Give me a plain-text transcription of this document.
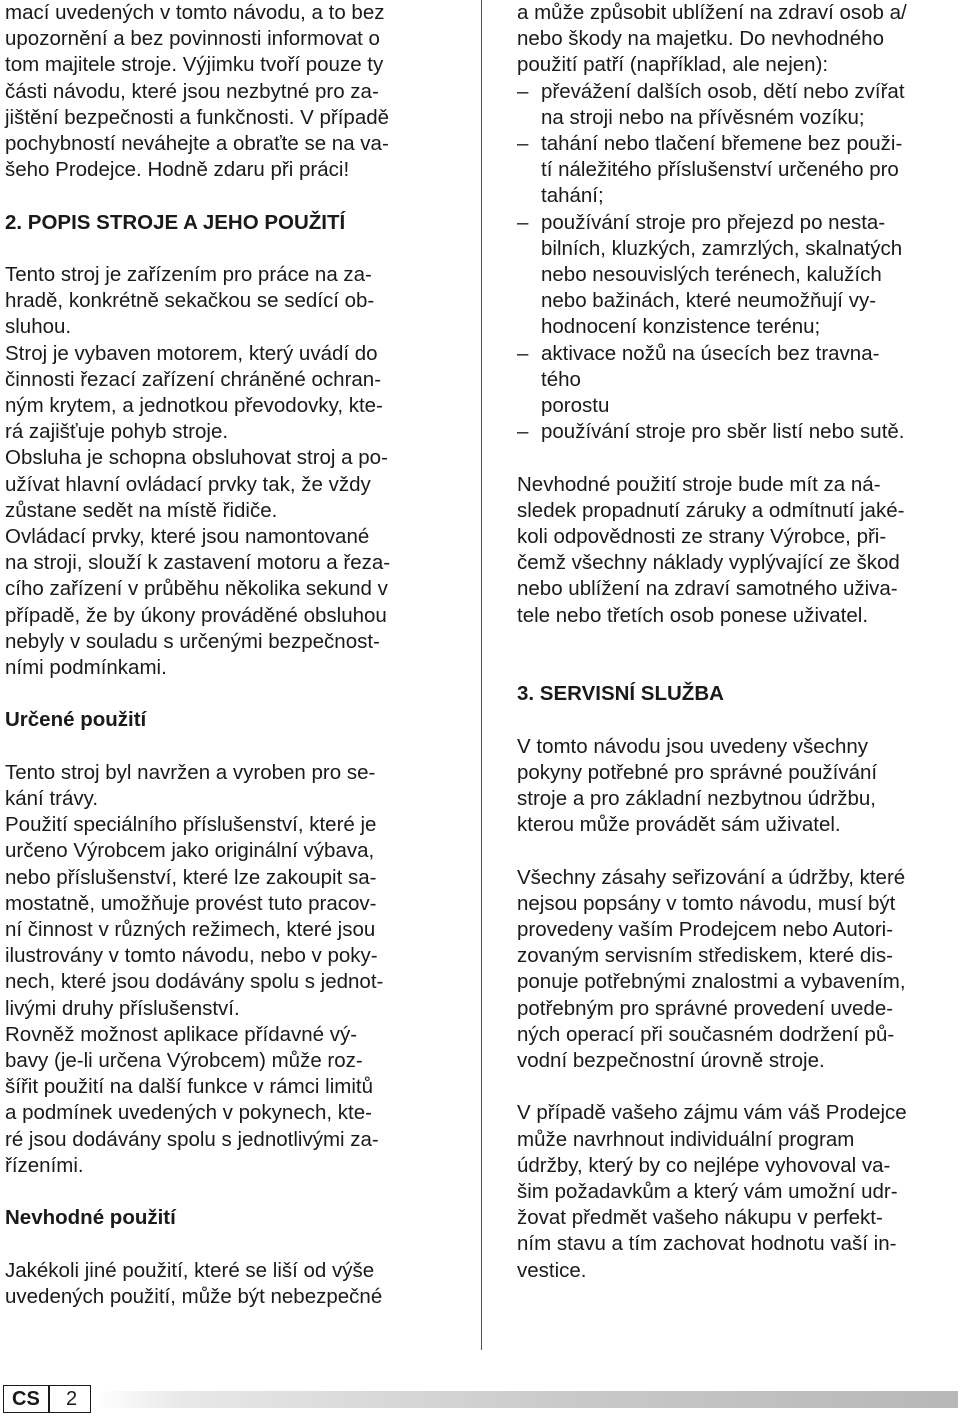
mací uvedených v tomto návodu, a to bez
upozornění a bez povinnosti informovat o
tom majitele stroje. Výjimku tvoří pouze ty
části návodu, které jsou nezbytné pro za-
jištění bezpečnosti a funkčnosti. V případě
pochybností neváhejte a obraťte se na va-
šeho Prodejce. Hodně zdaru při práci!
2. POPIS STROJE A JEHO POUŽITÍ
Tento stroj je zařízením pro práce na za-
hradě, konkrétně sekačkou se sedící ob-
sluhou.
Stroj je vybaven motorem, který uvádí do
činnosti řezací zařízení chráněné ochran-
ným krytem, a jednotkou převodovky, kte-
rá zajišťuje pohyb stroje.
Obsluha je schopna obsluhovat stroj a po-
užívat hlavní ovládací prvky tak, že vždy
zůstane sedět na místě řidiče.
Ovládací prvky, které jsou namontované
na stroji, slouží k zastavení motoru a řeza-
cího zařízení v průběhu několika sekund v
případě, že by úkony prováděné obsluhou
nebyly v souladu s určenými bezpečnost-
ními podmínkami.
Určené použití
Tento stroj byl navržen a vyroben pro se-
kání trávy.
Použití speciálního příslušenství, které je
určeno Výrobcem jako originální výbava,
nebo příslušenství, které lze zakoupit sa-
mostatně, umožňuje provést tuto pracov-
ní činnost v různých režimech, které jsou
ilustrovány v tomto návodu, nebo v poky-
nech, které jsou dodávány spolu s jednot-
livými druhy příslušenství.
Rovněž možnost aplikace přídavné vý-
bavy (je-li určena Výrobcem) může roz-
šířit použití na další funkce v rámci limitů
a podmínek uvedených v pokynech, kte-
ré jsou dodávány spolu s jednotlivými za-
řízeními.
Nevhodné použití
Jakékoli jiné použití, které se liší od výše
uvedených použití, může být nebezpečné
a může způsobit ublížení na zdraví osob a/
nebo škody na majetku. Do nevhodného
použití patří (například, ale nejen):
– převážení dalších osob, dětí nebo zvířat
na stroji nebo na přívěsném vozíku;
– tahání nebo tlačení břemene bez použi-
tí náležitého příslušenství určeného pro
tahání;
– používání stroje pro přejezd po nesta-
bilních, kluzkých, zamrzlých, skalnatých
nebo nesouvislých terénech, kalužích
nebo bažinách, které neumožňují vy-
hodnocení konzistence terénu;
– aktivace nožů na úsecích bez travna-
tého
porostu
– používání stroje pro sběr listí nebo sutě.
Nevhodné použití stroje bude mít za ná-
sledek propadnutí záruky a odmítnutí jaké-
koli odpovědnosti ze strany Výrobce, při-
čemž všechny náklady vyplývající ze škod
nebo ublížení na zdraví samotného uživa-
tele nebo třetích osob ponese uživatel.
3. SERVISNÍ SLUŽBA
V tomto návodu jsou uvedeny všechny
pokyny potřebné pro správné používání
stroje a pro základní nezbytnou údržbu,
kterou může provádět sám uživatel.
Všechny zásahy seřizování a údržby, které
nejsou popsány v tomto návodu, musí být
provedeny vaším Prodejcem nebo Autori-
zovaným servisním střediskem, které dis-
ponuje potřebnými znalostmi a vybavením,
potřebným pro správné provedení uvede-
ných operací při současném dodržení pů-
vodní bezpečnostní úrovně stroje.
V případě vašeho zájmu vám váš Prodejce
může navrhnout individuální program
údržby, který by co nejlépe vyhovoval va-
šim požadavkům a který vám umožní udr-
žovat předmět vašeho nákupu v perfekt-
ním stavu a tím zachovat hodnotu vaší in-
vestice.
CS 2
